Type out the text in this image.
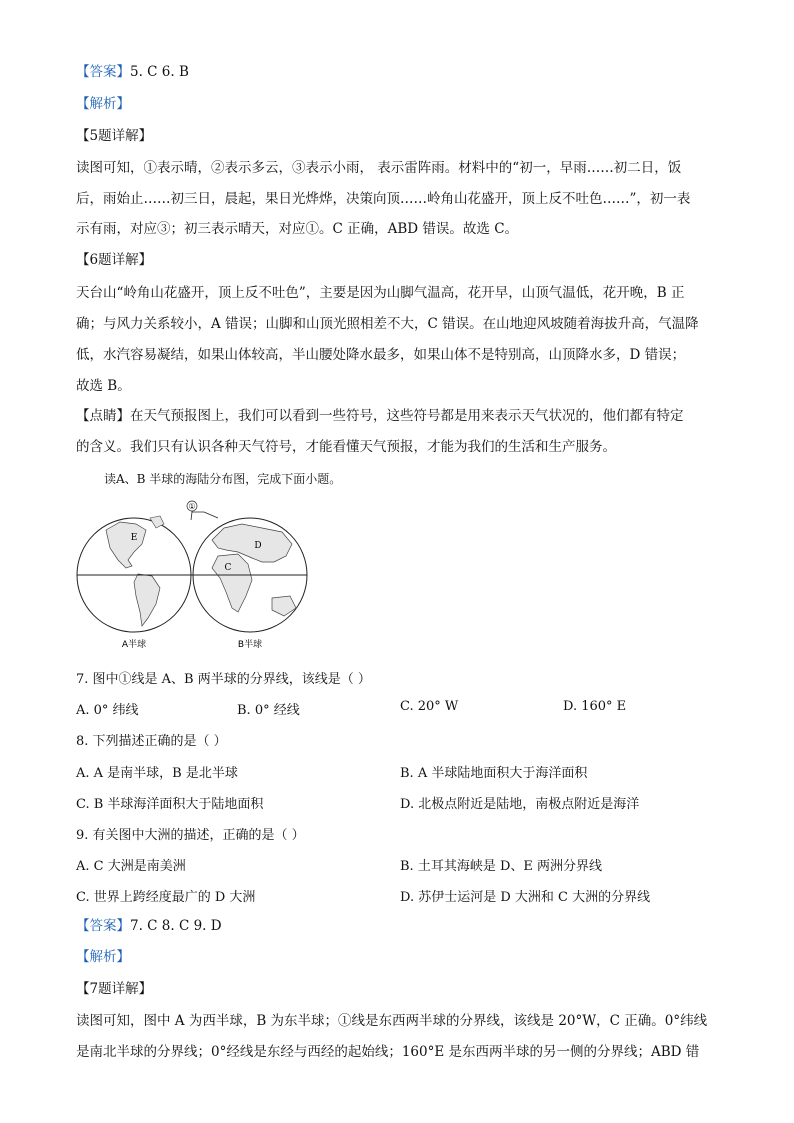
【答案】5. C 6. B
【解析】
【5题详解】
读图可知，①表示晴，②表示多云，③表示小雨， 表示雷阵雨。材料中的“初一，早雨……初二日，饭
后，雨始止……初三日，晨起，果日光烨烨，决策向顶……岭角山花盛开，顶上反不吐色……”，初一表
示有雨，对应③；初三表示晴天，对应①。C 正确，ABD 错误。故选 C。
【6题详解】
天台山“岭角山花盛开，顶上反不吐色”，主要是因为山脚气温高，花开早，山顶气温低，花开晚，B 正
确；与风力关系较小，A 错误；山脚和山顶光照相差不大，C 错误。在山地迎风坡随着海拔升高，气温降
低，水汽容易凝结，如果山体较高，半山腰处降水最多，如果山体不是特别高，山顶降水多，D 错误；
故选 B。
【点睛】在天气预报图上，我们可以看到一些符号，这些符号都是用来表示天气状况的，他们都有特定
的含义。我们只有认识各种天气符号，才能看懂天气预报，才能为我们的生活和生产服务。
读A、B 半球的海陆分布图，完成下面小题。
①
E
C
D
A半球	B半球
7. 图中①线是 A、B 两半球的分界线，该线是（ ）
A. 0° 纬线	B. 0° 经线	C. 20° W	D. 160° E
8. 下列描述正确的是（ ）
A. A 是南半球，B 是北半球	B. A 半球陆地面积大于海洋面积
C. B 半球海洋面积大于陆地面积	D. 北极点附近是陆地，南极点附近是海洋
9. 有关图中大洲的描述，正确的是（ ）
A. C 大洲是南美洲	B. 土耳其海峡是 D、E 两洲分界线
C. 世界上跨经度最广的 D 大洲	D. 苏伊士运河是 D 大洲和 C 大洲的分界线
【答案】7. C 8. C 9. D
【解析】
【7题详解】
读图可知，图中 A 为西半球，B 为东半球；①线是东西两半球的分界线，该线是 20°W，C 正确。0°纬线
是南北半球的分界线；0°经线是东经与西经的起始线；160°E 是东西两半球的另一侧的分界线；ABD 错
